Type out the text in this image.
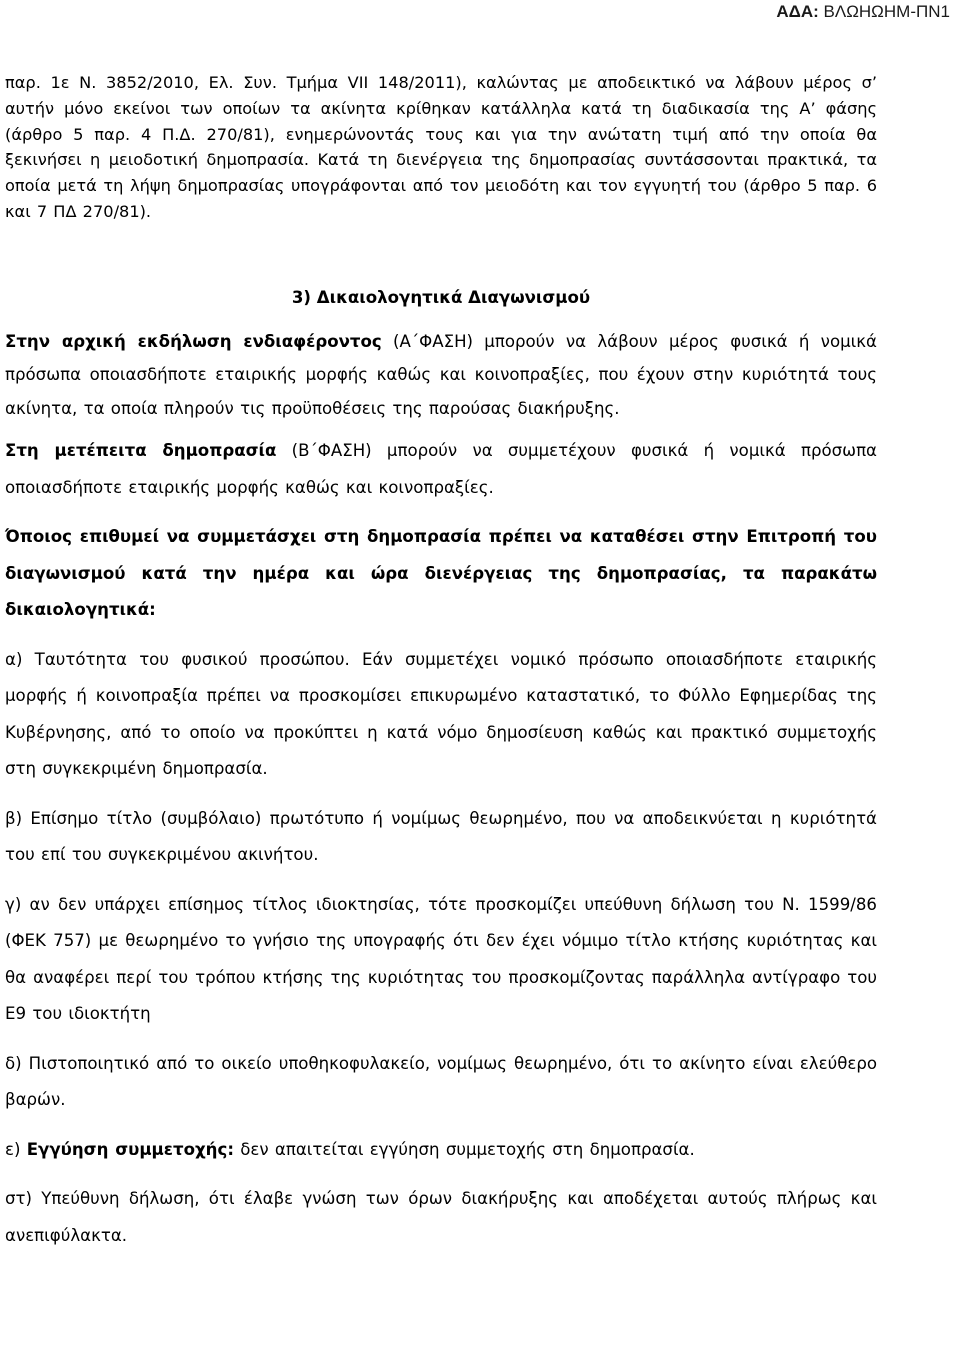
ΑΔΑ: ΒΛΩΗΩΗΜ-ΠΝ1

παρ. 1ε Ν. 3852/2010, Ελ. Συν. Τμήμα VII 148/2011), καλώντας με αποδεικτικό να λάβουν μέρος σ’ αυτήν μόνο εκείνοι των οποίων τα ακίνητα κρίθηκαν κατάλληλα κατά τη διαδικασία της Α’ φάσης (άρθρο 5 παρ. 4 Π.Δ. 270/81), ενημερώνοντάς τους και για την ανώτατη τιμή από την οποία θα ξεκινήσει η μειοδοτική δημοπρασία. Κατά τη διενέργεια της δημοπρασίας συντάσσονται πρακτικά, τα οποία μετά τη λήψη δημοπρασίας υπογράφονται από τον μειοδότη και τον εγγυητή του (άρθρο 5 παρ. 6 και 7 ΠΔ 270/81).

3) Δικαιολογητικά Διαγωνισμού

Στην αρχική εκδήλωση ενδιαφέροντος (Α΄ΦΑΣΗ) μπορούν να λάβουν μέρος φυσικά ή νομικά πρόσωπα οποιασδήποτε εταιρικής μορφής καθώς και κοινοπραξίες, που έχουν στην κυριότητά τους ακίνητα, τα οποία πληρούν τις προϋποθέσεις της παρούσας διακήρυξης.

Στη μετέπειτα δημοπρασία (Β΄ΦΑΣΗ) μπορούν να συμμετέχουν φυσικά ή νομικά πρόσωπα οποιασδήποτε εταιρικής μορφής καθώς και κοινοπραξίες.

Όποιος επιθυμεί να συμμετάσχει στη δημοπρασία πρέπει να καταθέσει στην Επιτροπή του διαγωνισμού κατά την ημέρα και ώρα διενέργειας της δημοπρασίας, τα παρακάτω δικαιολογητικά:

α) Ταυτότητα του φυσικού προσώπου. Εάν συμμετέχει νομικό πρόσωπο οποιασδήποτε εταιρικής μορφής ή κοινοπραξία πρέπει να προσκομίσει επικυρωμένο καταστατικό, το Φύλλο Εφημερίδας της Κυβέρνησης, από το οποίο να προκύπτει η κατά νόμο δημοσίευση καθώς και πρακτικό συμμετοχής στη συγκεκριμένη δημοπρασία.

β) Επίσημο τίτλο (συμβόλαιο) πρωτότυπο ή νομίμως θεωρημένο, που να αποδεικνύεται η κυριότητά του επί του συγκεκριμένου ακινήτου.

γ) αν δεν υπάρχει επίσημος τίτλος ιδιοκτησίας, τότε προσκομίζει υπεύθυνη δήλωση του Ν. 1599/86 (ΦΕΚ 757) με θεωρημένο το γνήσιο της υπογραφής ότι δεν έχει νόμιμο τίτλο κτήσης κυριότητας και θα αναφέρει περί του τρόπου κτήσης της κυριότητας του προσκομίζοντας παράλληλα αντίγραφο του Ε9 του ιδιοκτήτη

δ) Πιστοποιητικό από το οικείο υποθηκοφυλακείο, νομίμως θεωρημένο, ότι το ακίνητο είναι ελεύθερο βαρών.

ε) Εγγύηση συμμετοχής: δεν απαιτείται εγγύηση συμμετοχής στη δημοπρασία.

στ) Υπεύθυνη δήλωση, ότι έλαβε γνώση των όρων διακήρυξης και αποδέχεται αυτούς πλήρως και ανεπιφύλακτα.
